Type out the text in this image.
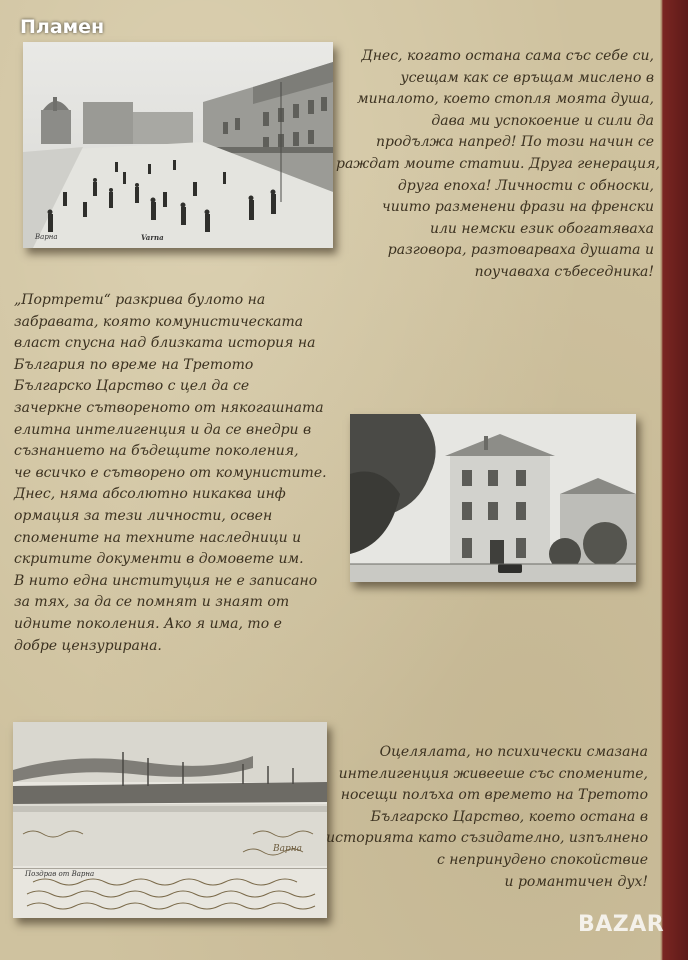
Варна	Varna
Поздрав от Варна
Варна
Днес, когато остана сама със себе си,
усещам как се връщам мислено в
миналото, което стопля моята душа,
дава ми успокоение и сили да
продължа напред! По този начин се
раждат моите статии. Друга генерация,
друга епоха! Личности с обноски,
чиито разменени фрази на френски
или немски език обогатяваха
разговора, разтоварваха душата и
поучаваха събеседника!
„Портрети“ разкрива булото на
забравата, която комунистическата
власт спусна над близката история на
България по време на Третото
Българско Царство с цел да се
зачеркне сътвореното от някогашната
елитна интелигенция и да се внедри в
съзнанието на бъдещите поколения,
че всичко е сътворено от комунистите.
Днес, няма абсолютно никаква инф
ормация за тези личности, освен
спомените на техните наследници и
скритите документи в домовете им.
В нито една институция не е записано
за тях, за да се помнят и знаят от
идните поколения. Ако я има, то е
добре цензурирана.
Оцелялата, но психически смазана
интелигенция живееше със спомените,
носещи полъха от времето на Третото
Българско Царство, което остана в
историята като съзидателно, изпълнено
с непринудено спокойствие
и романтичен дух!
Пламен
BAZAR
